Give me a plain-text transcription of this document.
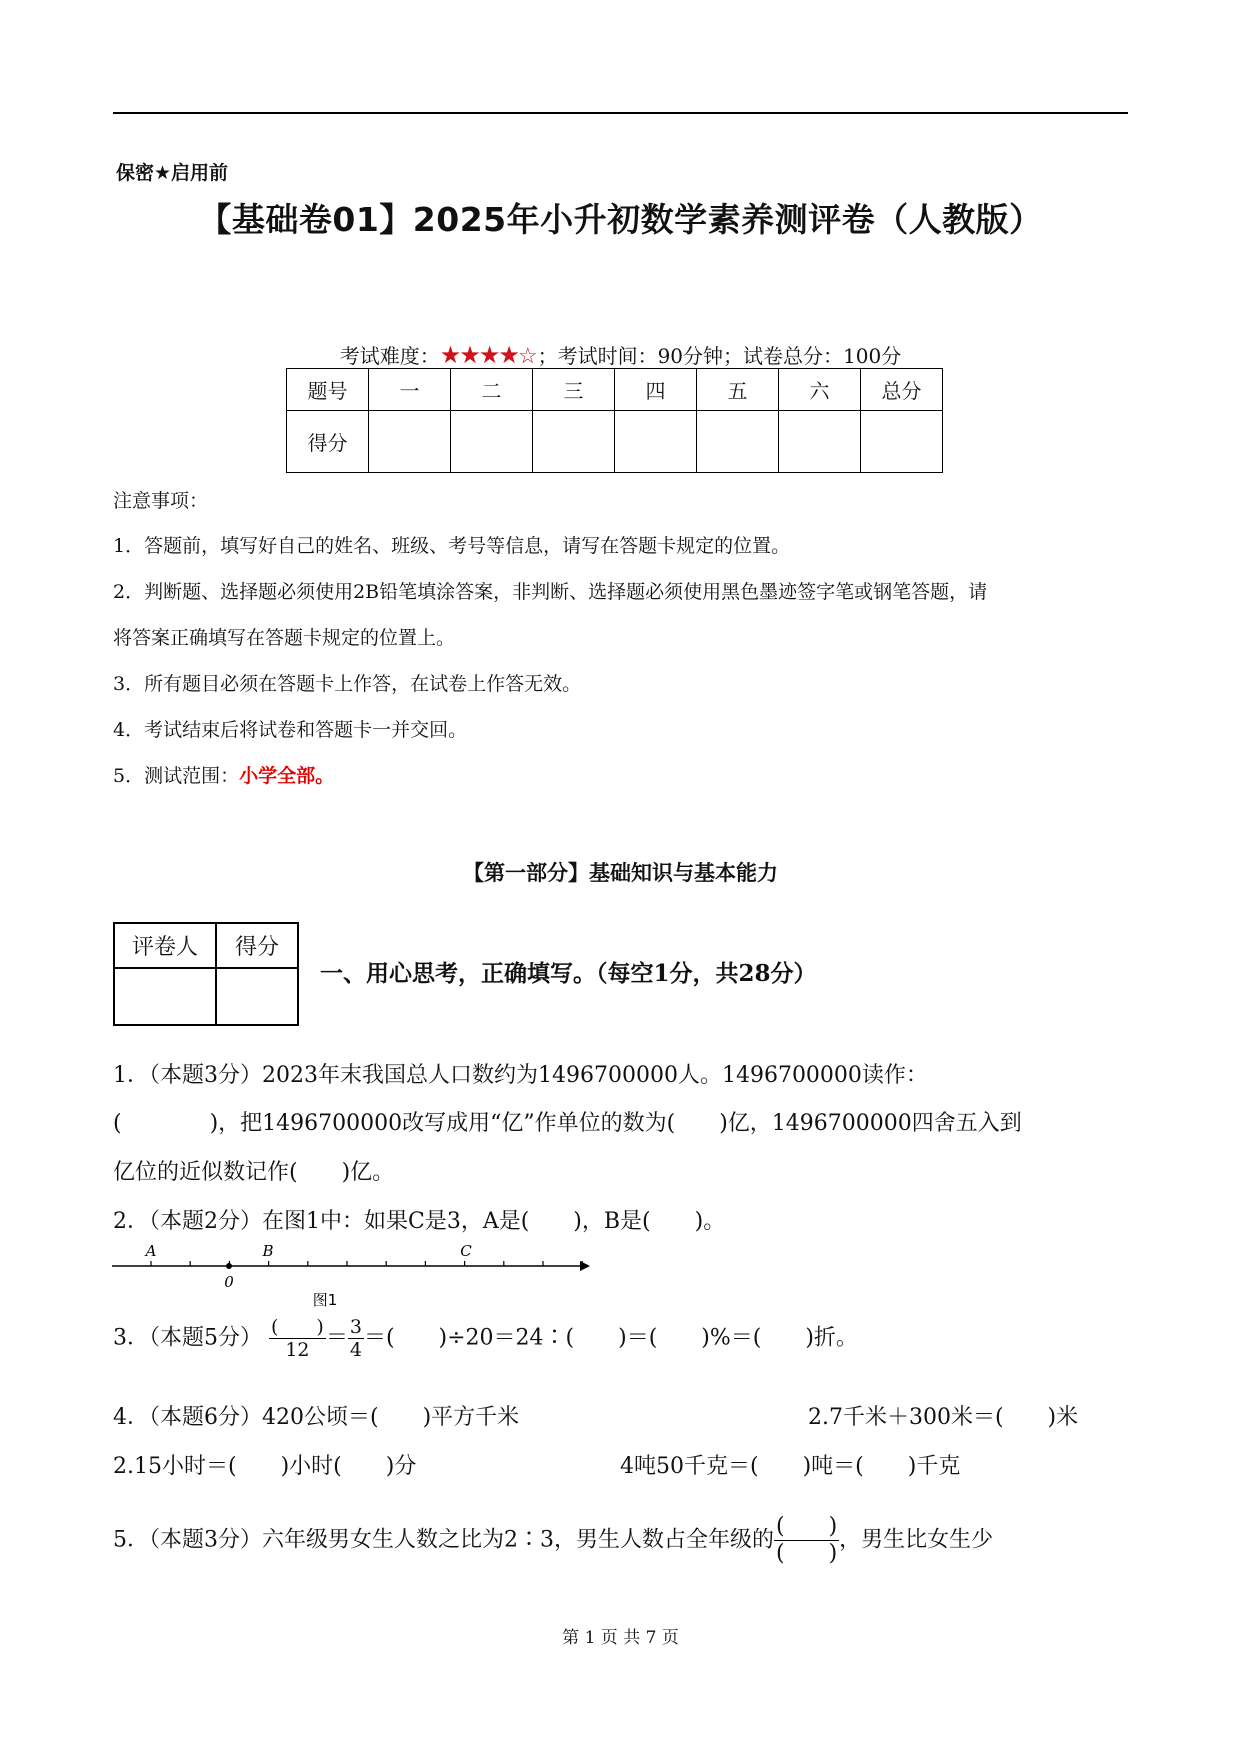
保密★启用前
【基础卷01】2025年小升初数学素养测评卷（人教版）
考试难度：★★★★☆；考试时间：90分钟；试卷总分：100分
题号	一	二	三	四	五	六	总分
得分							
注意事项：
1．答题前，填写好自己的姓名、班级、考号等信息，请写在答题卡规定的位置。
2．判断题、选择题必须使用2B铅笔填涂答案，非判断、选择题必须使用黑色墨迹签字笔或钢笔答题，请
将答案正确填写在答题卡规定的位置上。
3．所有题目必须在答题卡上作答，在试卷上作答无效。
4．考试结束后将试卷和答题卡一并交回。
5．测试范围：小学全部。
【第一部分】基础知识与基本能力
评卷人	得分

一、用心思考，正确填写。（每空1分，共28分）
1．（本题3分）2023年末我国总人口数约为1496700000人。1496700000读作：
(　　　　)，把1496700000改写成用“亿”作单位的数为(　　)亿，1496700000四舍五入到
亿位的近似数记作(　　)亿。
2．（本题2分）在图1中：如果C是3，A是(　　)，B是(　　)。
A	B	C
0
图1
3．（本题5分） $\frac{( )}{12} = \frac{3}{4}$ ＝(　　)÷20＝24∶(　　)＝(　　)%＝(　　)折。
4．（本题6分）420公顷＝(　　)平方千米	2.7千米＋300米＝(　　)米
2.15小时＝(　　)小时(　　)分	4吨50千克＝(　　)吨＝(　　)千克
5．（本题3分）六年级男女生人数之比为2∶3，男生人数占全年级的 $\frac{( )}{( )}$ ，男生比女生少
第 1 页 共 7 页
